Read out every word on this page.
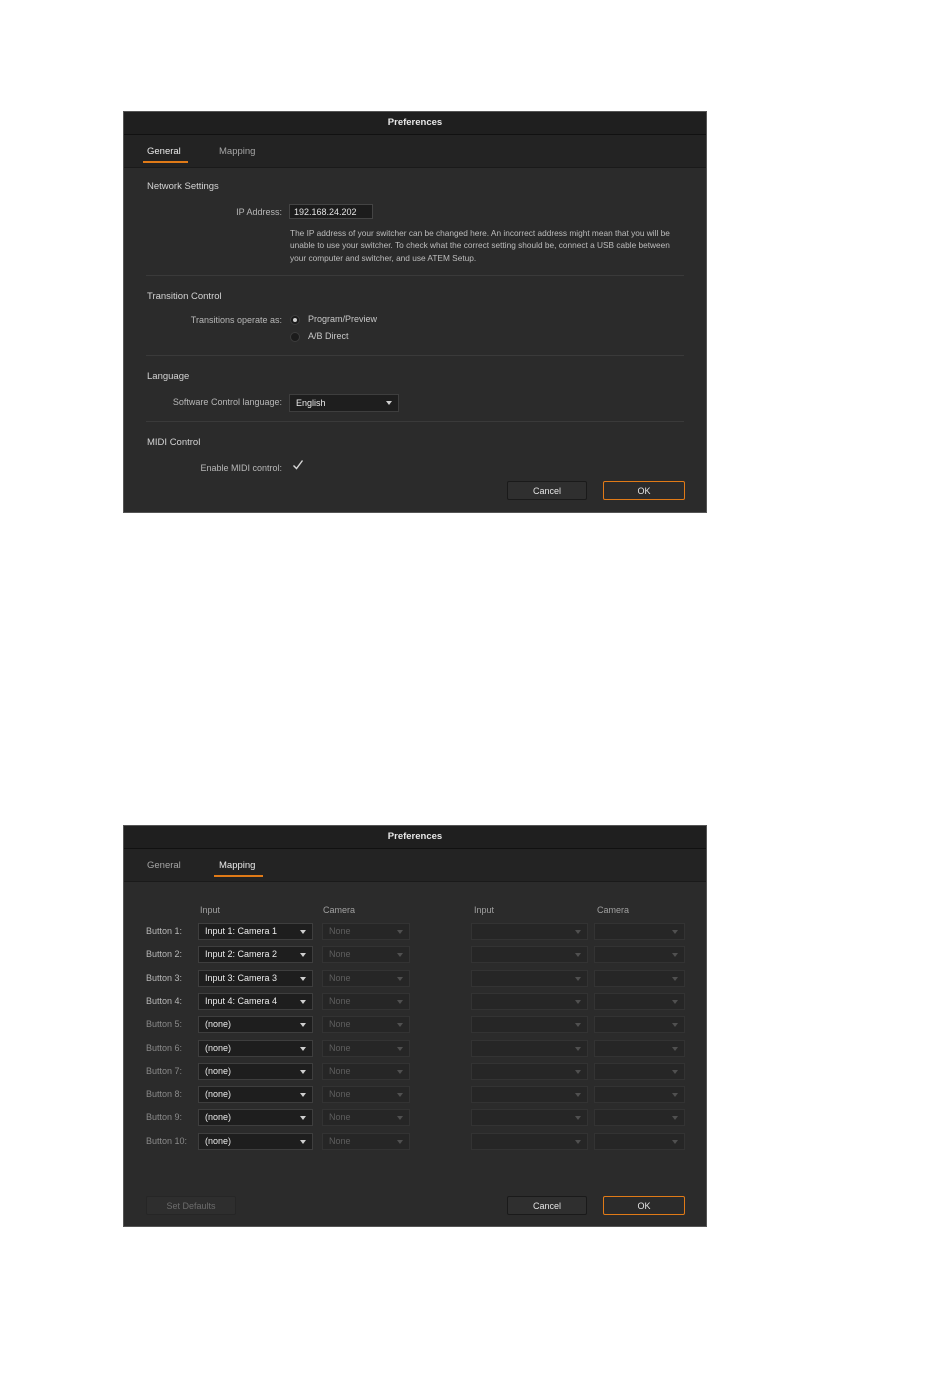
Preferences
General	Mapping
Network Settings
IP Address:	192.168.24.202
The IP address of your switcher can be changed here. An incorrect address might mean that you will be unable to use your switcher. To check what the correct setting should be, connect a USB cable between your computer and switcher, and use ATEM Setup.
Transition Control
Transitions operate as:	Program/Preview
A/B Direct
Language
Software Control language:	English
MIDI Control
Enable MIDI control:
Cancel	OK
Preferences
General	Mapping
Input	Camera	Input	Camera
Button 1:	Input 1: Camera 1	None
Button 2:	Input 2: Camera 2	None
Button 3:	Input 3: Camera 3	None
Button 4:	Input 4: Camera 4	None
Button 5:	(none)	None
Button 6:	(none)	None
Button 7:	(none)	None
Button 8:	(none)	None
Button 9:	(none)	None
Button 10:	(none)	None
Set Defaults	Cancel	OK
